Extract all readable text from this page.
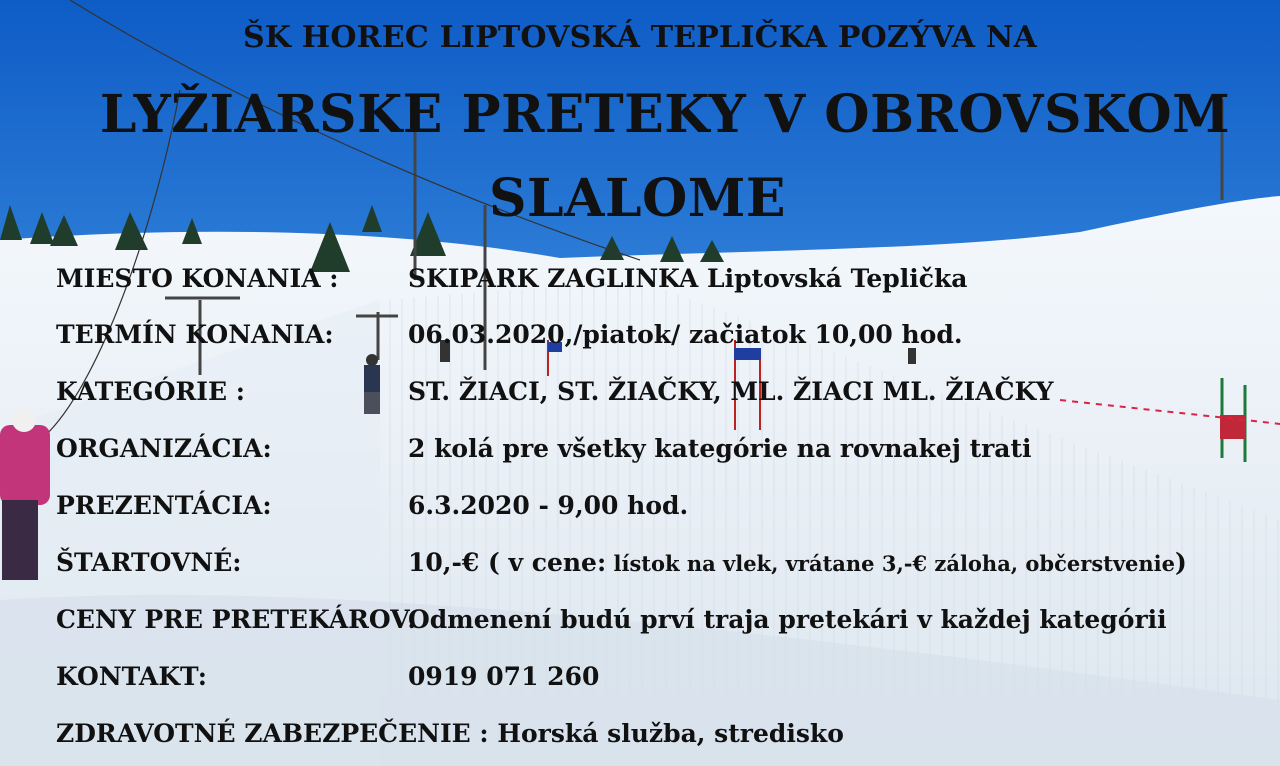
ŠK HOREC LIPTOVSKÁ TEPLIČKA POZÝVA NA
LYŽIARSKE PRETEKY V OBROVSKOM
SLALOME
MIESTO KONANIA :	SKIPARK ZAGLINKA Liptovská Teplička
TERMÍN KONANIA:	06.03.2020,/piatok/ začiatok 10,00 hod.
KATEGÓRIE :	ST. ŽIACI, ST. ŽIAČKY, ML. ŽIACI ML. ŽIAČKY
ORGANIZÁCIA:	2 kolá pre všetky kategórie na rovnakej trati
PREZENTÁCIA:	6.3.2020 - 9,00 hod.
ŠTARTOVNÉ:	10,-€ ( v cene: lístok na vlek, vrátane 3,-€ záloha, občerstvenie)
CENY PRE PRETEKÁROV:
Odmenení budú prví traja pretekári v každej kategórii
KONTAKT:	0919 071 260
ZDRAVOTNÉ ZABEZPEČENIE : Horská služba, stredisko
